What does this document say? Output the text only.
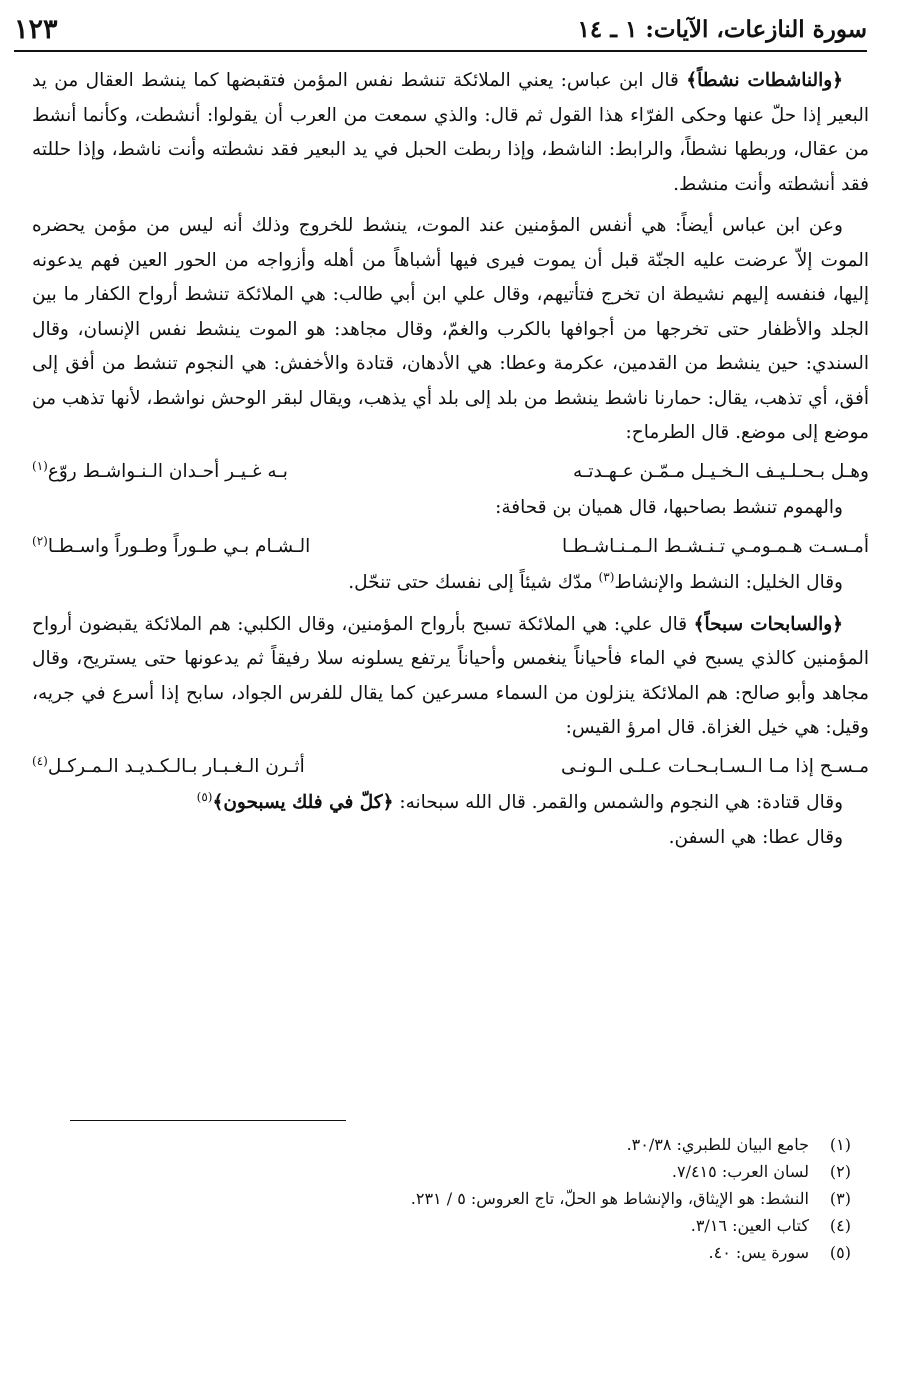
سورة النازعات، الآيات: ١ ـ ١٤
١٢٣

﴿والناشطات نشطاً﴾ قال ابن عباس: يعني الملائكة تنشط نفس المؤمن فتقبضها كما ينشط العقال من يد البعير إذا حلّ عنها وحكى الفرّاء هذا القول ثم قال: والذي سمعت من العرب أن يقولوا: أنشطت، وكأنما أنشط من عقال، وربطها نشطاً، والرابط: الناشط، وإذا ربطت الحبل في يد البعير فقد نشطته وأنت ناشط، وإذا حللته فقد أنشطته وأنت منشط.

وعن ابن عباس أيضاً: هي أنفس المؤمنين عند الموت، ينشط للخروج وذلك أنه ليس من مؤمن يحضره الموت إلاّ عرضت عليه الجنّة قبل أن يموت فيرى فيها أشباهاً من أهله وأزواجه من الحور العين فهم يدعونه إليها، فنفسه إليهم نشيطة ان تخرج فتأتيهم، وقال علي ابن أبي طالب: هي الملائكة تنشط أرواح الكفار ما بين الجلد والأظفار حتى تخرجها من أجوافها بالكرب والغمّ، وقال مجاهد: هو الموت ينشط نفس الإنسان، وقال السندي: حين ينشط من القدمين، عكرمة وعطا: هي الأدهان، قتادة والأخفش: هي النجوم تنشط من أفق إلى أفق، أي تذهب، يقال: حمارنا ناشط ينشط من بلد إلى بلد أي يذهب، ويقال لبقر الوحش نواشط، لأنها تذهب من موضع إلى موضع. قال الطرماح:

وهـل بـحـلـيـف الـخـيـل مـمّـن عـهـدتـه
بـه غـيـر أحـدان الـنـواشـط روّع$^{(١)}$

والهموم تنشط بصاحبها، قال هميان بن قحافة:

أمـسـت هـمـومـي تـنـشـط الـمـنـاشـطـا
الـشـام بـي طـوراً وطـوراً واسـطـا$^{(٢)}$

وقال الخليل: النشط والإنشاط$^{(٣)}$ مدّك شيئاً إلى نفسك حتى تنحّل.

﴿والسابحات سبحاً﴾ قال علي: هي الملائكة تسبح بأرواح المؤمنين، وقال الكلبي: هم الملائكة يقبضون أرواح المؤمنين كالذي يسبح في الماء فأحياناً ينغمس وأحياناً يرتفع يسلونه سلا رفيقاً ثم يدعونها حتى يستريح، وقال مجاهد وأبو صالح: هم الملائكة ينزلون من السماء مسرعين كما يقال للفرس الجواد، سابح إذا أسرع في جريه، وقيل: هي خيل الغزاة. قال امرؤ القيس:

مـسـح إذا مـا الـسـابـحـات عـلـى الـونـى
أثـرن الـغـبـار بـالـكـديـد الـمـركـل$^{(٤)}$

وقال قتادة: هي النجوم والشمس والقمر. قال الله سبحانه: ﴿كلّ في فلك يسبحون﴾$^{(٥)}$

وقال عطا: هي السفن.

(١)
جامع البيان للطبري: ٣٠/٣٨.
(٢)
لسان العرب: ٧/٤١٥.
(٣)
النشط: هو الإيثاق، والإنشاط هو الحلّ، تاج العروس: ٥ / ٢٣١.
(٤)
كتاب العين: ٣/١٦.
(٥)
سورة يس: ٤٠.
